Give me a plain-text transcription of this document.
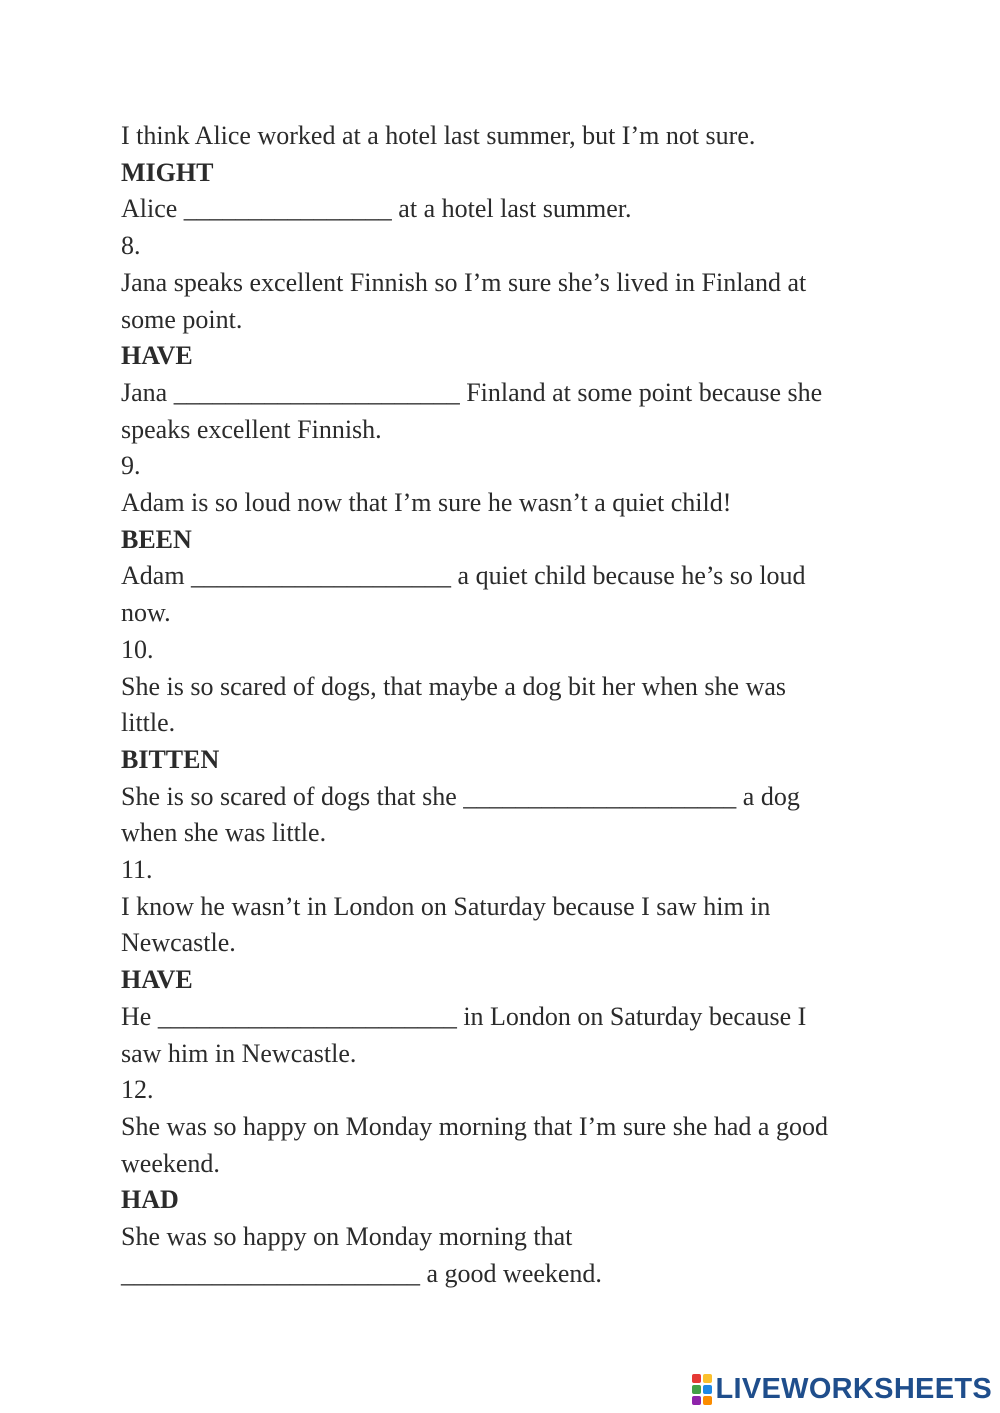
I think Alice worked at a hotel last summer, but I’m not sure.
MIGHT
Alice ________________ at a hotel last summer.
8.
Jana speaks excellent Finnish so I’m sure she’s lived in Finland at
some point.
HAVE
Jana ______________________ Finland at some point because she
speaks excellent Finnish.
9.
Adam is so loud now that I’m sure he wasn’t a quiet child!
BEEN
Adam ____________________ a quiet child because he’s so loud
now.
10.
She is so scared of dogs, that maybe a dog bit her when she was
little.
BITTEN
She is so scared of dogs that she _____________________ a dog
when she was little.
11.
I know he wasn’t in London on Saturday because I saw him in
Newcastle.
HAVE
He _______________________ in London on Saturday because I
saw him in Newcastle.
12.
She was so happy on Monday morning that I’m sure she had a good
weekend.
HAD
She was so happy on Monday morning that
_______________________ a good weekend.
LIVEWORKSHEETS
